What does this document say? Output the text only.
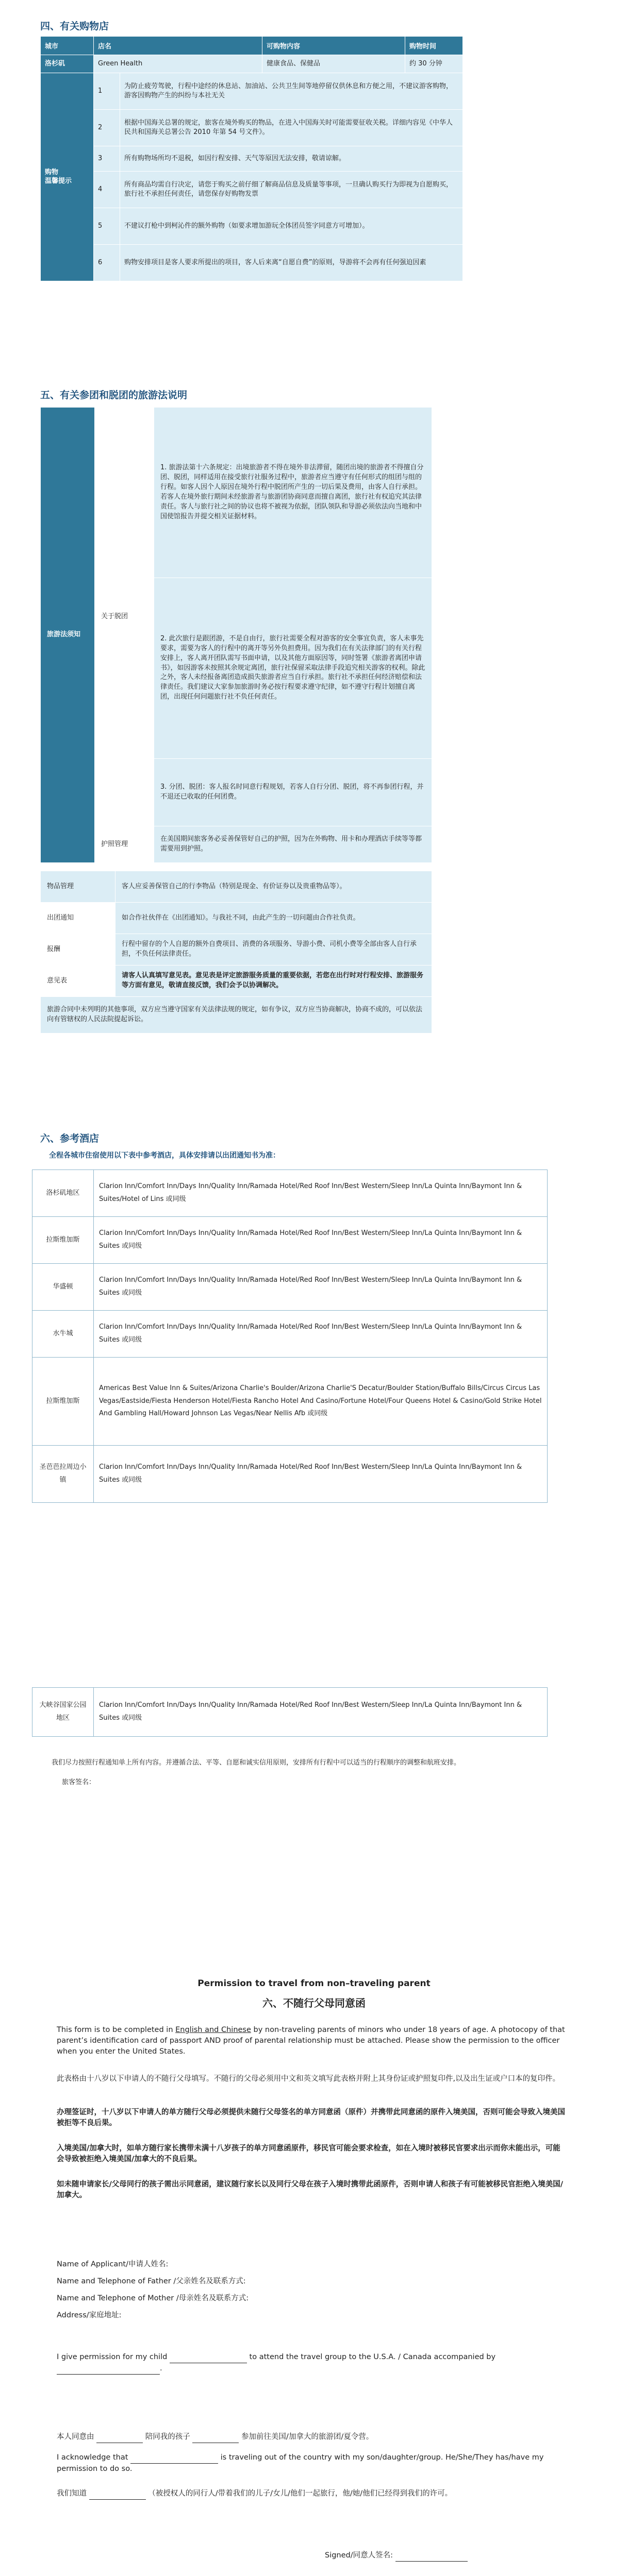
四、有关购物店
城市	店名		可购物内容	购物时间
洛杉矶	Green Health		健康食品、保健品	约 30 分钟
购物
温馨提示	1	为防止疲劳驾驶，行程中途经的休息站、加油站、公共卫生间等地停留仅供休息和方便之用，不建议游客购物，游客因购物产生的纠纷与本社无关		
	2	根据中国海关总署的规定，旅客在境外购买的物品，在进入中国海关时可能需要征收关税。详细内容见《中华人民共和国海关总署公告 2010 年第 54 号文件》。		
	3	所有购物场所均不退税，如因行程安排、天气等原因无法安排，敬请谅解。		
	4	所有商品均需自行决定，请您于购买之前仔细了解商品信息及质量等事项，一旦确认购买行为即视为自愿购买，旅行社不承担任何责任，请您保存好购物发票		
	5	不建议打枪中到柯沁件的额外购物（如要求增加游玩全体团员签字同意方可增加）。		
	6	购物安排项目是客人要求所提出的项目，客人后来离“自愿自费”的原则，导游将不会再有任何强迫因素		
五、有关参团和脱团的旅游法说明
旅游法须知	关于脱团	1. 旅游法第十六条规定：出境旅游者不得在境外非法滞留，随团出境的旅游者不得擅自分团、脱团，同样适用在接受旅行社服务过程中，旅游者应当遵守有任何形式的组团与组的行程。如客人因个人原因在境外行程中脱团所产生的一切后果及费用，由客人自行承担。若客人在境外旅行期间未经旅游者与旅游团协商同意而擅自离团，旅行社有权追究其法律责任。客人与旅行社之间的协议也将不被视为依据，团队领队和导游必须依法向当地和中国使馆报告并提交相关证据材料。
		2. 此次旅行是跟团游，不是自由行，旅行社需要全程对游客的安全事宜负责，客人未事先要求，需要为客人的行程中的离开等另外负担费用。因为我们在有关法律部门的有关行程安排上，客人离开团队需写书面申请，以及其他方面原因等，同时签署《旅游者离团申请书》，如因游客未按照其余规定离团，旅行社保留采取法律手段追究相关游客的权利。除此之外，客人未经报备离团造成损失旅游者应当自行承担。旅行社不承担任何经济赔偿和法律责任。我们建议大家参加旅游时务必按行程要求遵守纪律，如不遵守行程计划擅自离团，出现任何问题旅行社不负任何责任。
		3. 分团、脱团：客人报名时同意行程规划，若客人自行分团、脱团，将不再参团行程，并不退还已收取的任何团费。
	护照管理	在美国期间旅客务必妥善保管好自己的护照，因为在外购物、用卡和办理酒店手续等等都需要用到护照。
物品管理	客人应妥善保管自己的行李物品（特别是现金、有价证券以及贵重物品等）。
出团通知	如合作社伙伴在《出团通知》。与我社不同，由此产生的一切问题由合作社负责。
报酬	行程中留存的个人自愿的额外自费项目、消费的各项服务、导游小费、司机小费等全部由客人自行承担，不负任何法律责任。
意见表	请客人认真填写意见表。意见表是评定旅游服务质量的重要依据，若您在出行时对行程安排、旅游服务等方面有意见，敬请直接反馈，我们会予以协调解决。
旅游合同中未列明的其他事项，双方应当遵守国家有关法律法规的规定，如有争议，双方应当协商解决，协商不成的，可以依法向有管辖权的人民法院提起诉讼。	
六、参考酒店
全程各城市住宿使用以下表中参考酒店，具体安排请以出团通知书为准：
洛杉矶地区	Clarion Inn/Comfort Inn/Days Inn/Quality Inn/Ramada Hotel/Red Roof Inn/Best Western/Sleep Inn/La Quinta Inn/Baymont Inn & Suites/Hotel of Lins 或同级
拉斯维加斯	Clarion Inn/Comfort Inn/Days Inn/Quality Inn/Ramada Hotel/Red Roof Inn/Best Western/Sleep Inn/La Quinta Inn/Baymont Inn & Suites 或同级
华盛顿	Clarion Inn/Comfort Inn/Days Inn/Quality Inn/Ramada Hotel/Red Roof Inn/Best Western/Sleep Inn/La Quinta Inn/Baymont Inn & Suites 或同级
水牛城	Clarion Inn/Comfort Inn/Days Inn/Quality Inn/Ramada Hotel/Red Roof Inn/Best Western/Sleep Inn/La Quinta Inn/Baymont Inn & Suites 或同级
拉斯维加斯	Americas Best Value Inn & Suites/Arizona Charlie's Boulder/Arizona Charlie'S Decatur/Boulder Station/Buffalo Bills/Circus Circus Las Vegas/Eastside/Fiesta Henderson Hotel/Fiesta Rancho Hotel And Casino/Fortune Hotel/Four Queens Hotel & Casino/Gold Strike Hotel And Gambling Hall/Howard Johnson Las Vegas/Near Nellis Afb 或同级
圣芭芭拉周边小镇	Clarion Inn/Comfort Inn/Days Inn/Quality Inn/Ramada Hotel/Red Roof Inn/Best Western/Sleep Inn/La Quinta Inn/Baymont Inn & Suites 或同级
大峡谷国家公园地区	Clarion Inn/Comfort Inn/Days Inn/Quality Inn/Ramada Hotel/Red Roof Inn/Best Western/Sleep Inn/La Quinta Inn/Baymont Inn & Suites 或同级
我们尽力按照行程通知单上所有内容。并遵循合法、平等、自愿和诚实信用原则，安排所有行程中可以适当的行程顺序的调整和航班安排。
旅客签名：
Permission to travel from non–traveling parent
六、不随行父母同意函
This form is to be completed in English and Chinese by non-traveling parents of minors who under 18 years of age. A photocopy of that parent’s identification card of passport AND proof of parental relationship must be attached. Please show the permission to the officer when you enter the United States.
此表格由十八岁以下申请人的不随行父母填写。不随行的父母必须用中文和英文填写此表格并附上其身份证或护照复印件,以及出生证或户口本的复印件。
办理签证时，十八岁以下申请人的单方随行父母必须提供未随行父母签名的单方同意函（原件）并携带此同意函的原件入境美国，否则可能会导致入境美国被拒等不良后果。
入境美国/加拿大时，如单方随行家长携带未满十八岁孩子的单方同意函原件，移民官可能会要求检查，如在入境时被移民官要求出示而你未能出示，可能会导致被拒绝入境美国/加拿大的不良后果。
如未随申请家长/父母同行的孩子需出示同意函，建议随行家长以及同行父母在孩子入境时携带此函原件，否则申请人和孩子有可能被移民官拒绝入境美国/加拿大。
Name of Applicant/申请人姓名:
Name and Telephone of Father /父亲姓名及联系方式:
Name and Telephone of Mother /母亲姓名及联系方式:
Address/家庭地址:
I give permission for my child	to attend the travel group to the U.S.A. / Canada accompanied by  .
本人同意由	陪同我的孩子	参加前往美国/加拿大的旅游团/夏令营。
I acknowledge that	is traveling out of the country with my son/daughter/group. He/She/They has/have my permission to do so.
我们知道	（被授权人的同行人/带着我们的儿子/女儿/他们一起旅行，他/她/他们已经得到我们的许可。
Signed/同意人签名:
